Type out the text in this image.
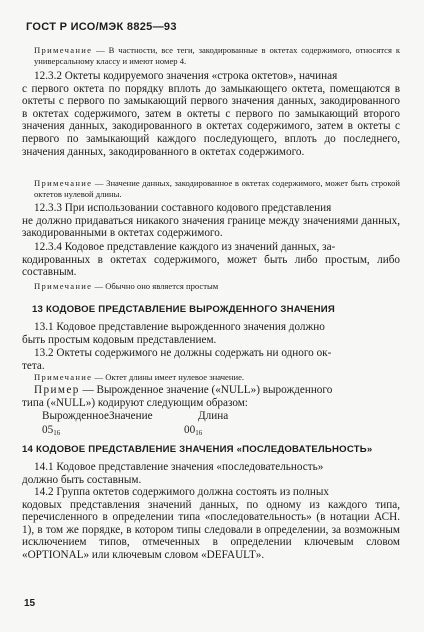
ГОСТ Р ИСО/МЭК 8825—93
Примечание — В частности, все теги, закодированные в октетах содержимого, относятся к универсальному классу и имеют номер 4.
12.3.2 Октеты кодируемого значения «строка октетов», начиная
с первого октета по порядку вплоть до замыкающего октета, помещаются в октеты с первого по замыкающий первого значения данных, закодированного в октетах содержимого, затем в октеты с первого по замыкающий второго значения данных, закодированного в октетах содержимого, затем в октеты с первого по замыкающий каждого последующего, вплоть до последнего, значения данных, закодированного в октетах содержимого.
Примечание — Значение данных, закодированное в октетах содержимого, может быть строкой октетов нулевой длины.
12.3.3 При использовании составного кодового представления
не должно придаваться никакого значения границе между значениями данных, закодированными в октетах содержимого.
12.3.4 Кодовое представление каждого из значений данных, за-
кодированных в октетах содержимого, может быть либо простым, либо составным.
Примечание — Обычно оно является простым
13 КОДОВОЕ ПРЕДСТАВЛЕНИЕ ВЫРОЖДЕННОГО ЗНАЧЕНИЯ
13.1 Кодовое представление вырожденного значения должно
быть простым кодовым представлением.
13.2 Октеты содержимого не должны содержать ни одного ок-
тета.
Примечание — Октет длины имеет нулевое значение.
Пример — Вырожденное значение («NULL») вырожденного
типа («NULL») кодируют следующим образом:
ВырожденноеЗначение	Длина
$05_{16}$	$00_{16}$
14 КОДОВОЕ ПРЕДСТАВЛЕНИЕ ЗНАЧЕНИЯ «ПОСЛЕДОВАТЕЛЬНОСТЬ»
14.1 Кодовое представление значения «последовательность»
должно быть составным.
14.2 Группа октетов содержимого должна состоять из полных
кодовых представления значений данных, по одному из каждого типа, перечисленного в определении типа «последовательность» (в нотации АСН. 1), в том же порядке, в котором типы следовали в определении, за возможным исключением типов, отмеченных в определении ключевым словом «OPTIONAL» или ключевым словом «DEFAULT».
15
